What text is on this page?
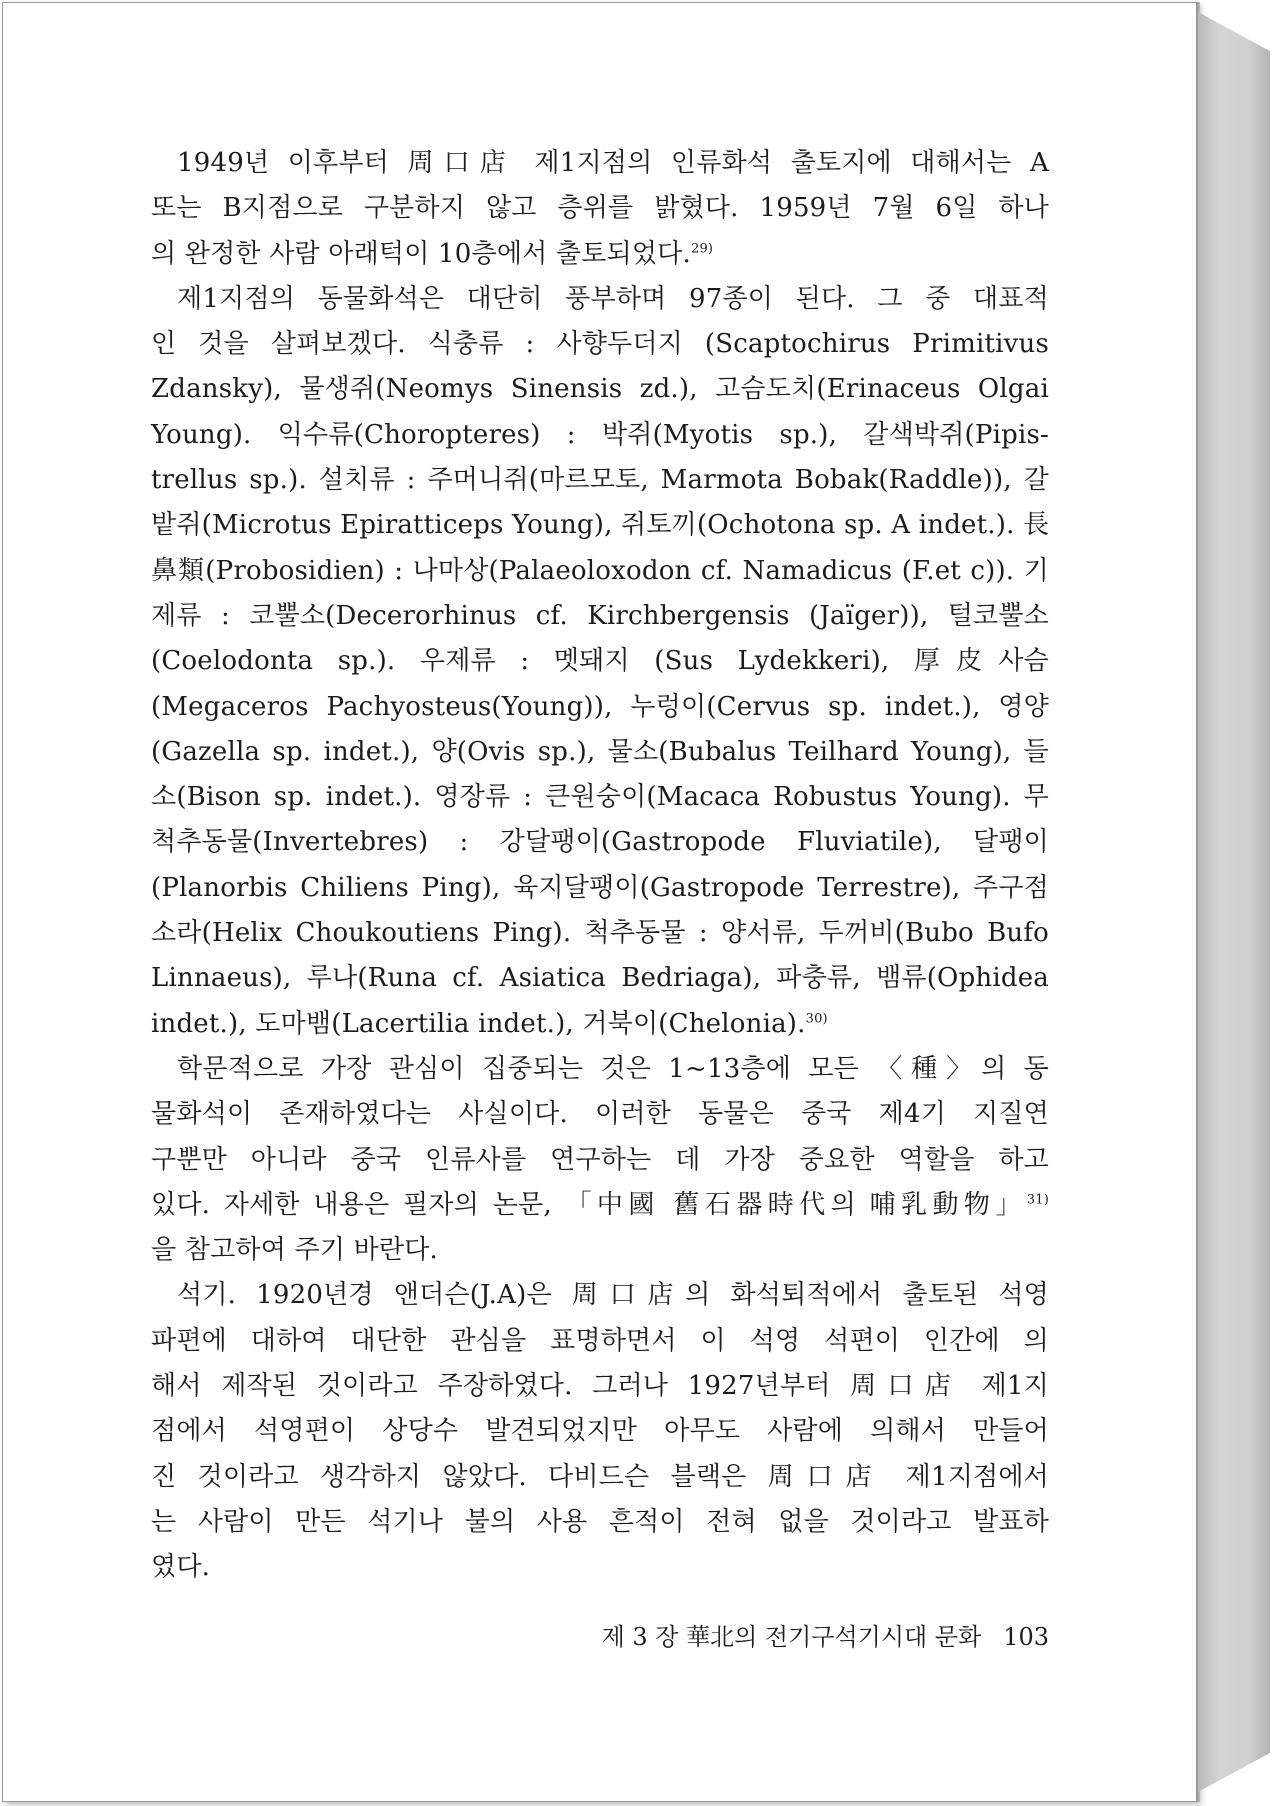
1949년 이후부터 周口店 제1지점의 인류화석 출토지에 대해서는 A
또는 B지점으로 구분하지 않고 층위를 밝혔다. 1959년 7월 6일 하나
의 완정한 사람 아래턱이 10층에서 출토되었다.$^{29)}$
제1지점의 동물화석은 대단히 풍부하며 97종이 된다. 그 중 대표적
인 것을 살펴보겠다. 식충류 : 사향두더지 (Scaptochirus Primitivus
Zdansky), 물생쥐(Neomys Sinensis zd.), 고슴도치(Erinaceus Olgai
Young). 익수류(Choropteres) : 박쥐(Myotis sp.), 갈색박쥐(Pipis-
trellus sp.). 설치류 : 주머니쥐(마르모토, Marmota Bobak(Raddle)), 갈
밭쥐(Microtus Epiratticeps Young), 쥐토끼(Ochotona sp. A indet.). 長
鼻類(Probosidien) : 나마상(Palaeoloxodon cf. Namadicus (F.et c)). 기
제류 : 코뿔소(Decerorhinus cf. Kirchbergensis (Jaïger)), 털코뿔소
(Coelodonta sp.). 우제류 : 멧돼지 (Sus Lydekkeri), 厚皮사슴
(Megaceros Pachyosteus(Young)), 누렁이(Cervus sp. indet.), 영양
(Gazella sp. indet.), 양(Ovis sp.), 물소(Bubalus Teilhard Young), 들
소(Bison sp. indet.). 영장류 : 큰원숭이(Macaca Robustus Young). 무
척추동물(Invertebres) : 강달팽이(Gastropode Fluviatile), 달팽이
(Planorbis Chiliens Ping), 육지달팽이(Gastropode Terrestre), 주구점
소라(Helix Choukoutiens Ping). 척추동물 : 양서류, 두꺼비(Bubo Bufo
Linnaeus), 루나(Runa cf. Asiatica Bedriaga), 파충류, 뱀류(Ophidea
indet.), 도마뱀(Lacertilia indet.), 거북이(Chelonia).$^{30)}$
학문적으로 가장 관심이 집중되는 것은 1~13층에 모든 〈種〉의 동
물화석이 존재하였다는 사실이다. 이러한 동물은 중국 제4기 지질연
구뿐만 아니라 중국 인류사를 연구하는 데 가장 중요한 역할을 하고
있다. 자세한 내용은 필자의 논문, 「中國 舊石器時代의 哺乳動物」$^{31)}$
을 참고하여 주기 바란다.
석기. 1920년경 앤더슨(J.A)은 周口店의 화석퇴적에서 출토된 석영
파편에 대하여 대단한 관심을 표명하면서 이 석영 석편이 인간에 의
해서 제작된 것이라고 주장하였다. 그러나 1927년부터 周口店 제1지
점에서 석영편이 상당수 발견되었지만 아무도 사람에 의해서 만들어
진 것이라고 생각하지 않았다. 다비드슨 블랙은 周口店 제1지점에서
는 사람이 만든 석기나 불의 사용 흔적이 전혀 없을 것이라고 발표하
였다.
제 3 장 華北의 전기구석기시대 문화 103
